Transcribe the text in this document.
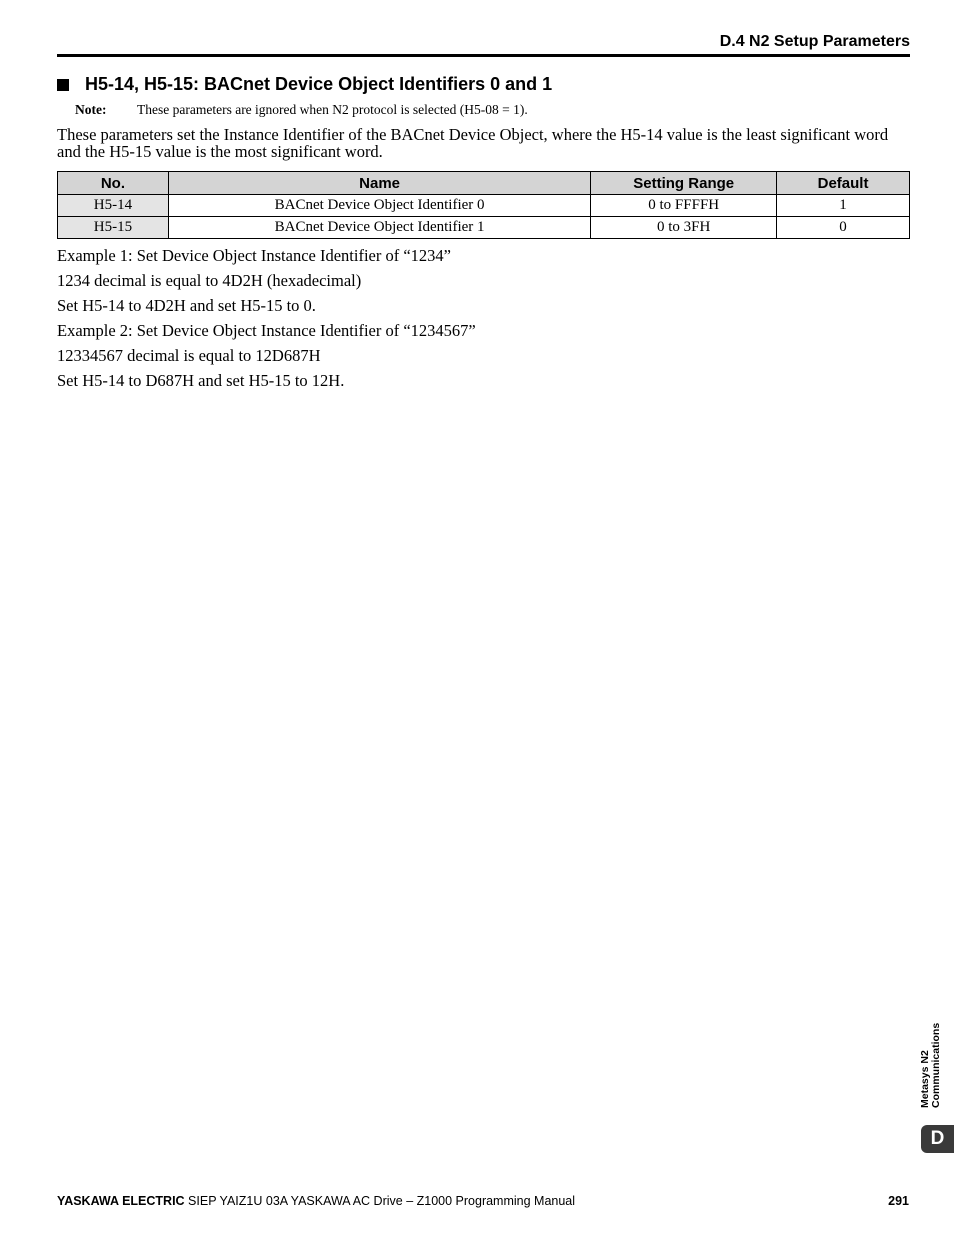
D.4 N2 Setup Parameters
H5-14, H5-15: BACnet Device Object Identifiers 0 and 1
Note: These parameters are ignored when N2 protocol is selected (H5-08 = 1).
These parameters set the Instance Identifier of the BACnet Device Object, where the H5-14 value is the least significant word and the H5-15 value is the most significant word.
No.	Name	Setting Range	Default
H5-14	BACnet Device Object Identifier 0	0 to FFFFH	1
H5-15	BACnet Device Object Identifier 1	0 to 3FH	0

Example 1: Set Device Object Instance Identifier of “1234”

1234 decimal is equal to 4D2H (hexadecimal)

Set H5-14 to 4D2H and set H5-15 to 0.

Example 2: Set Device Object Instance Identifier of “1234567”

12334567 decimal is equal to 12D687H

Set H5-14 to D687H and set H5-15 to 12H.

Metasys N2 Communications
D
YASKAWA ELECTRIC SIEP YAIZ1U 03A YASKAWA AC Drive – Z1000 Programming Manual	291
